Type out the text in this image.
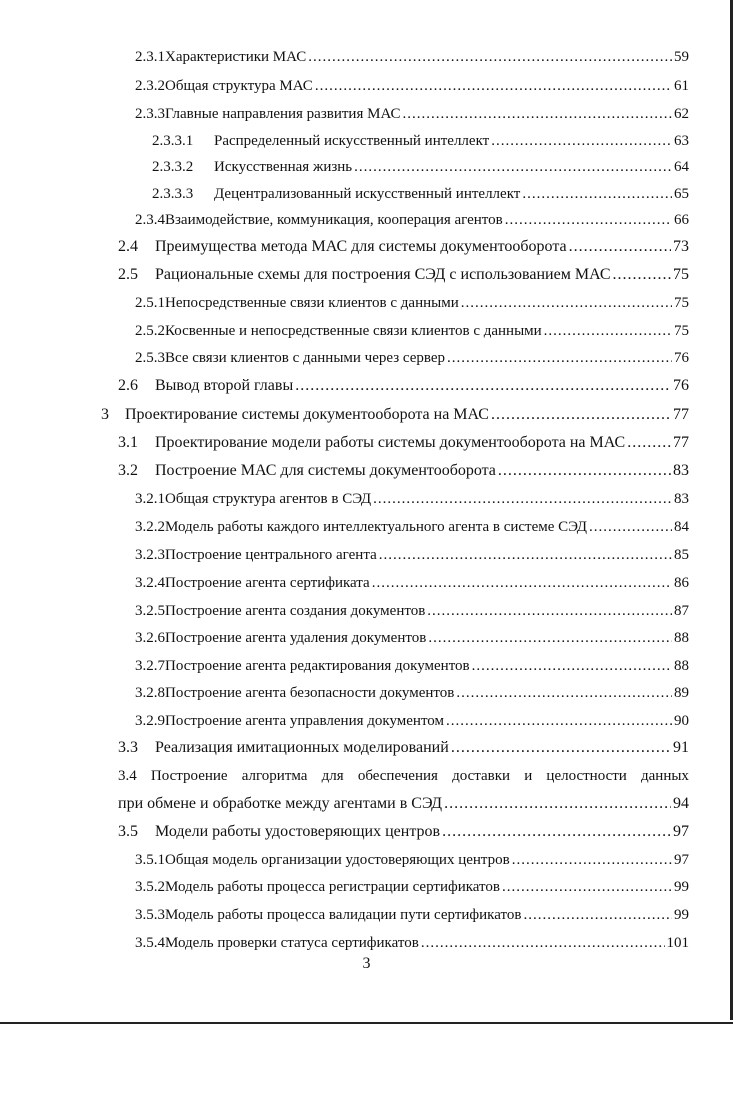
2.3.1 Характеристики МАС .....	59
2.3.2 Общая структура МАС .....	61
2.3.3 Главные направления развития МАС .....	62
2.3.3.1	Распределенный искусственный интеллект .....	63
2.3.3.2	Искусственная жизнь .....	64
2.3.3.3	Децентрализованный искусственный интеллект .....	65
2.3.4 Взаимодействие, коммуникация, кооперация агентов .....	66
2.4	Преимущества метода МАС для системы документооборота .....	73
2.5	Рациональные схемы для построения СЭД с использованием МАС .....	75
2.5.1 Непосредственные связи клиентов с данными .....	75
2.5.2 Косвенные и непосредственные связи клиентов с данными .....	75
2.5.3 Все связи клиентов с данными через сервер .....	76
2.6	Вывод второй главы .....	76
3	Проектирование системы документооборота на МАС .....	77
3.1	Проектирование модели работы системы документооборота на МАС .....	77
3.2	Построение МАС для системы документооборота .....	83
3.2.1 Общая структура агентов в СЭД .....	83
3.2.2 Модель работы каждого интеллектуального агента в системе СЭД .....	84
3.2.3 Построение центрального агента .....	85
3.2.4 Построение агента сертификата .....	86
3.2.5 Построение агента создания документов .....	87
3.2.6 Построение агента удаления документов .....	88
3.2.7 Построение агента редактирования документов .....	88
3.2.8 Построение агента безопасности документов .....	89
3.2.9 Построение агента управления документом .....	90
3.3	Реализация имитационных моделирований .....	91
3.4 Построение алгоритма для обеспечения доставки и целостности данных
при обмене и обработке между агентами в СЭД .....	94
3.5	Модели работы удостоверяющих центров .....	97
3.5.1 Общая модель организации удостоверяющих центров .....	97
3.5.2 Модель работы процесса регистрации сертификатов .....	99
3.5.3 Модель работы процесса валидации пути сертификатов .....	99
3.5.4 Модель проверки статуса сертификатов .....	101
3
